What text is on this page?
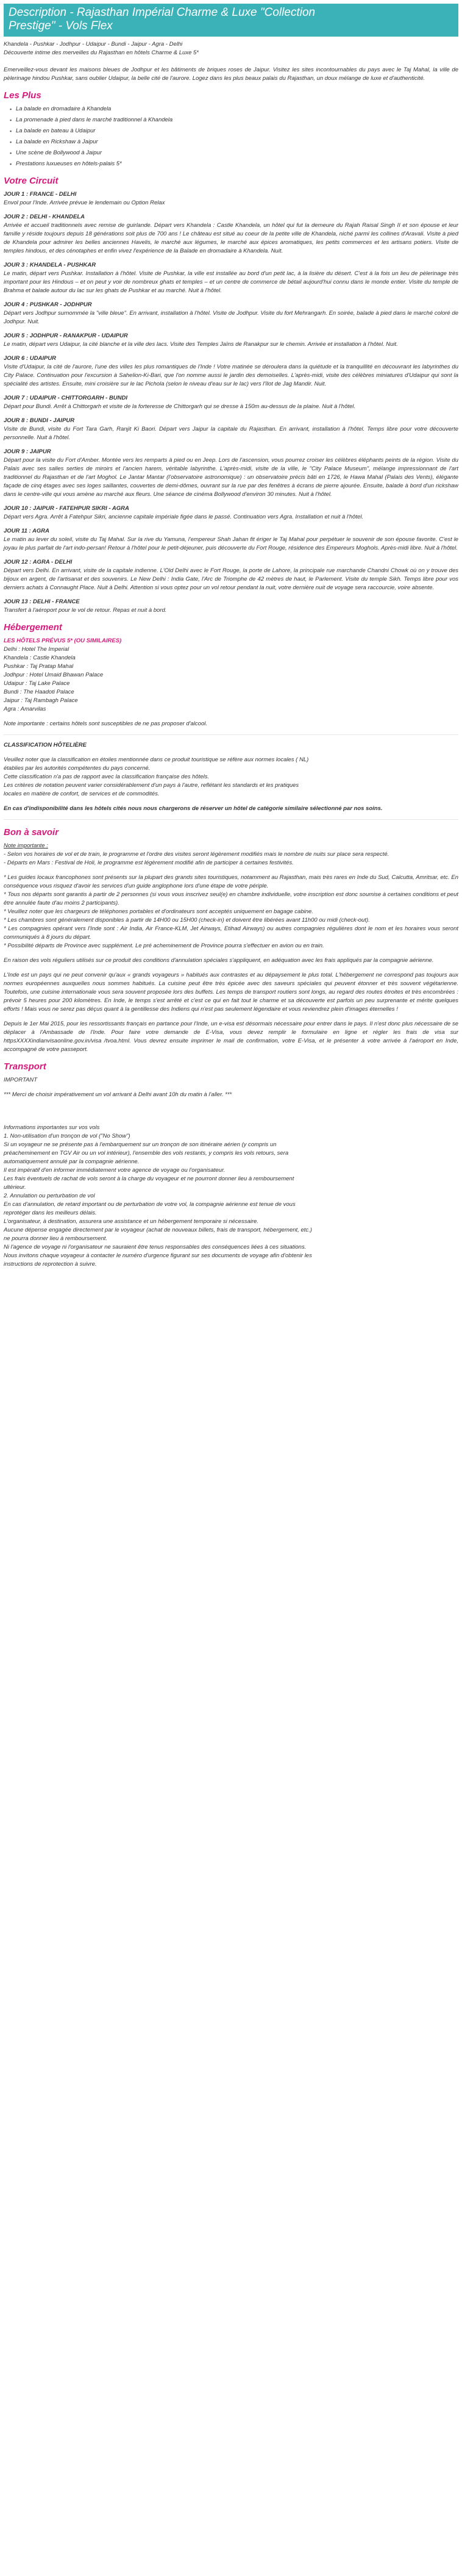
Description - Rajasthan Impérial Charme & Luxe "Collection
Prestige" - Vols Flex

Khandela - Pushkar - Jodhpur - Udaipur - Bundi - Jaipur - Agra - Delhi

Découverte intime des merveilles du Rajasthan en hôtels Charme & Luxe 5*

Emerveillez-vous devant les maisons bleues de Jodhpur et les bâtiments de briques roses de Jaipur. Visitez les sites incontournables du pays avec le Taj Mahal, la ville de pèlerinage hindou Pushkar, sans oublier Udaipur, la belle cité de l'aurore. Logez dans les plus beaux palais du Rajasthan, un doux mélange de luxe et d'authenticité.

Les Plus
▪ La balade en dromadaire à Khandela
▪ La promenade à pied dans le marché traditionnel à Khandela
▪ La balade en bateau à Udaipur
▪ La balade en Rickshaw à Jaipur
▪ Une scène de Bollywood à Jaipur
▪ Prestations luxueuses en hôtels-palais 5*
Votre Circuit

JOUR 1 : FRANCE - DELHI

Envol pour l'Inde. Arrivée prévue le lendemain ou Option Relax

JOUR 2 : DELHI - KHANDELA

Arrivée et accueil traditionnels avec remise de guirlande. Départ vers Khandela : Castle Khandela, un hôtel qui fut la demeure du Rajah Raisal Singh II et son épouse et leur famille y réside toujours depuis 18 générations soit plus de 700 ans ! Le château est situé au coeur de la petite ville de Khandela, niché parmi les collines d'Aravali. Visite à pied de Khandela pour admirer les belles anciennes Havelis, le marché aux légumes, le marché aux épices aromatiques, les petits commerces et les artisans potiers. Visite de temples hindous, et des cénotaphes et enfin vivez l'expérience de la Balade en dromadaire à Khandela. Nuit.

JOUR 3 : KHANDELA - PUSHKAR

Le matin, départ vers Pushkar. Installation à l'hôtel. Visite de Pushkar, la ville est installée au bord d'un petit lac, à la lisière du désert. C'est à la fois un lieu de pèlerinage très important pour les Hindous – et on peut y voir de nombreux ghats et temples – et un centre de commerce de bétail aujourd'hui connu dans le monde entier. Visite du temple de Brahma et balade autour du lac sur les ghats de Pushkar et au marché. Nuit à l'hôtel.

JOUR 4 : PUSHKAR - JODHPUR

Départ vers Jodhpur surnommée la "ville bleue". En arrivant, installation à l'hôtel. Visite de Jodhpur. Visite du fort Mehrangarh. En soirée, balade à pied dans le marché coloré de Jodhpur. Nuit.

JOUR 5 : JODHPUR - RANAKPUR - UDAIPUR

Le matin, départ vers Udaipur, la cité blanche et la ville des lacs. Visite des Temples Jaïns de Ranakpur sur le chemin. Arrivée et installation à l'hôtel. Nuit.

JOUR 6 : UDAIPUR

Visite d'Udaipur, la cité de l'aurore, l'une des villes les plus romantiques de l'Inde ! Votre matinée se déroulera dans la quiétude et la tranquillité en découvrant les labyrinthes du City Palace. Continuation pour l'excursion à Sahelion-Ki-Bari, que l'on nomme aussi le jardin des demoiselles. L'après-midi, visite des célèbres miniatures d'Udaipur qui sont la spécialité des artistes. Ensuite, mini croisière sur le lac Pichola (selon le niveau d'eau sur le lac) vers l'îlot de Jag Mandir. Nuit.

JOUR 7 : UDAIPUR - CHITTORGARH - BUNDI

Départ pour Bundi. Arrêt à Chittorgarh et visite de la forteresse de Chittorgarh qui se dresse à 150m au-dessus de la plaine. Nuit à l'hôtel.

JOUR 8 : BUNDI - JAIPUR

Visite de Bundi, visite du Fort Tara Garh, Ranjit Ki Baori. Départ vers Jaipur la capitale du Rajasthan. En arrivant, installation à l'hôtel. Temps libre pour votre découverte personnelle. Nuit à l'hôtel.

JOUR 9 : JAIPUR

Départ pour la visite du Fort d'Amber. Montée vers les remparts à pied ou en Jeep. Lors de l'ascension, vous pourrez croiser les célèbres éléphants peints de la région. Visite du Palais avec ses salles serties de miroirs et l'ancien harem, véritable labyrinthe. L'après-midi, visite de la ville, le "City Palace Museum", mélange impressionnant de l'art traditionnel du Rajasthan et de l'art Moghol. Le Jantar Mantar (l'observatoire astronomique) : un observatoire précis bâti en 1726, le Hawa Mahal (Palais des Vents), élégante façade de cinq étages avec ses loges saillantes, couvertes de demi-dômes, ouvrant sur la rue par des fenêtres à écrans de pierre ajourée. Ensuite, balade à bord d'un rickshaw dans le centre-ville qui vous amène au marché aux fleurs. Une séance de cinéma Bollywood d'environ 30 minutes. Nuit à l'hôtel.

JOUR 10 : JAIPUR - FATEHPUR SIKRI - AGRA

Départ vers Agra. Arrêt à Fatehpur Sikri, ancienne capitale impériale figée dans le passé. Continuation vers Agra. Installation et nuit à l'hôtel.

JOUR 11 : AGRA

Le matin au lever du soleil, visite du Taj Mahal. Sur la rive du Yamuna, l'empereur Shah Jahan fit ériger le Taj Mahal pour perpétuer le souvenir de son épouse favorite. C'est le joyau le plus parfait de l'art indo-persan! Retour à l'hôtel pour le petit-déjeuner, puis découverte du Fort Rouge, résidence des Empereurs Moghols. Après-midi libre. Nuit à l'hôtel.

JOUR 12 : AGRA - DELHI

Départ vers Delhi. En arrivant, visite de la capitale indienne. L'Old Delhi avec le Fort Rouge, la porte de Lahore, la principale rue marchande Chandni Chowk où on y trouve des bijoux en argent, de l'artisanat et des souvenirs. Le New Delhi : India Gate, l'Arc de Triomphe de 42 mètres de haut, le Parlement. Visite du temple Sikh. Temps libre pour vos derniers achats à Connaught Place. Nuit à Delhi. Attention si vous optez pour un vol retour pendant la nuit, votre dernière nuit de voyage sera raccourcie, voire absente.

JOUR 13 : DELHI - FRANCE

Transfert à l'aéroport pour le vol de retour. Repas et nuit à bord.

Hébergement

LES HÔTELS PRÉVUS 5* (OU SIMILAIRES)

Delhi : Hotel The Imperial

Khandela : Castle Khandela

Pushkar : Taj Pratap Mahal

Jodhpur : Hotel Umaid Bhawan Palace

Udaipur : Taj Lake Palace

Bundi : The Haadoti Palace

Jaipur : Taj Rambagh Palace

Agra : Amarvilas

Note importante : certains hôtels sont susceptibles de ne pas proposer d'alcool.

CLASSIFICATION HÔTELIÈRE

Veuillez noter que la classification en étoiles mentionnée dans ce produit touristique se réfère aux normes locales ( NL)

établies par les autorités compétentes du pays concerné.

Cette classification n'a pas de rapport avec la classification française des hôtels.

Les critères de notation peuvent varier considérablement d'un pays à l'autre, reflétant les standards et les pratiques

locales en matière de confort, de services et de commodités.

En cas d'indisponibilité dans les hôtels cités nous nous chargerons de réserver un hôtel de catégorie similaire sélectionné par nos soins.

Bon à savoir

Note importante :

- Selon vos horaires de vol et de train, le programme et l'ordre des visites seront légèrement modifiés mais le nombre de nuits sur place sera respecté.

- Départs en Mars : Festival de Holi, le programme est légèrement modifié afin de participer à certaines festivités.

* Les guides locaux francophones sont présents sur la plupart des grands sites touristiques, notamment au Rajasthan, mais très rares en Inde du Sud, Calcutta, Amritsar, etc. En conséquence vous risquez d'avoir les services d'un guide anglophone lors d'une étape de votre périple.

* Tous nos départs sont garantis à partir de 2 personnes (si vous vous inscrivez seul(e) en chambre individuelle, votre inscription est donc soumise à certaines conditions et peut être annulée faute d'au moins 2 participants).

* Veuillez noter que les chargeurs de téléphones portables et d'ordinateurs sont acceptés uniquement en bagage cabine.

* Les chambres sont généralement disponibles à partir de 14H00 ou 15H00 (check-in) et doivent être libérées avant 11h00 ou midi (check-out).

* Les compagnies opérant vers l'Inde sont : Air India, Air France-KLM, Jet Airways, Etihad Airways) ou autres compagnies régulières dont le nom et les horaires vous seront communiqués à 8 jours du départ.

* Possibilité départs de Province avec supplément. Le pré acheminement de Province pourra s'effectuer en avion ou en train.

En raison des vols réguliers utilisés sur ce produit des conditions d'annulation spéciales s'appliquent, en adéquation avec les frais appliqués par la compagnie aérienne.

L'Inde est un pays qui ne peut convenir qu'aux « grands voyageurs » habitués aux contrastes et au dépaysement le plus total. L'hébergement ne correspond pas toujours aux normes européennes auxquelles nous sommes habitués. La cuisine peut être très épicée avec des saveurs spéciales qui peuvent étonner et très souvent végétarienne. Toutefois, une cuisine internationale vous sera souvent proposée lors des buffets. Les temps de transport routiers sont longs, au regard des routes étroites et très encombrées : prévoir 5 heures pour 200 kilomètres. En Inde, le temps s'est arrêté et c'est ce qui en fait tout le charme et sa découverte est parfois un peu surprenante et mérite quelques efforts ! Mais vous ne serez pas déçus quant à la gentillesse des Indiens qui n'est pas seulement légendaire et vous reviendrez plein d'images éternelles !

Depuis le 1er Mai 2015, pour les ressortissants français en partance pour l'Inde, un e-visa est désormais nécessaire pour entrer dans le pays. Il n'est donc plus nécessaire de se déplacer à l'Ambassade de l'Inde. Pour faire votre demande de E-Visa, vous devez remplir le formulaire en ligne et régler les frais de visa sur httpsXXXXindianvisaonline.gov.in/visa /tvoa.html. Vous devrez ensuite imprimer le mail de confirmation, votre E-Visa, et le présenter à votre arrivée à l'aéroport en Inde, accompagné de votre passeport.

Transport

IMPORTANT

*** Merci de choisir impérativement un vol arrivant à Delhi avant 10h du matin à l'aller. ***

Informations importantes sur vos vols

1. Non-utilisation d'un tronçon de vol ("No Show")

Si un voyageur ne se présente pas à l'embarquement sur un tronçon de son itinéraire aérien (y compris un

préacheminement en TGV Air ou un vol intérieur), l'ensemble des vols restants, y compris les vols retours, sera

automatiquement annulé par la compagnie aérienne.

Il est impératif d'en informer immédiatement votre agence de voyage ou l'organisateur.

Les frais éventuels de rachat de vols seront à la charge du voyageur et ne pourront donner lieu à remboursement

ultérieur.

2. Annulation ou perturbation de vol

En cas d'annulation, de retard important ou de perturbation de votre vol, la compagnie aérienne est tenue de vous

reprotéger dans les meilleurs délais.

L'organisateur, à destination, assurera une assistance et un hébergement temporaire si nécessaire.

Aucune dépense engagée directement par le voyageur (achat de nouveaux billets, frais de transport, hébergement, etc.)

ne pourra donner lieu à remboursement.

Ni l'agence de voyage ni l'organisateur ne sauraient être tenus responsables des conséquences liées à ces situations.

Nous invitons chaque voyageur à contacter le numéro d'urgence figurant sur ses documents de voyage afin d'obtenir les

instructions de reprotection à suivre.
